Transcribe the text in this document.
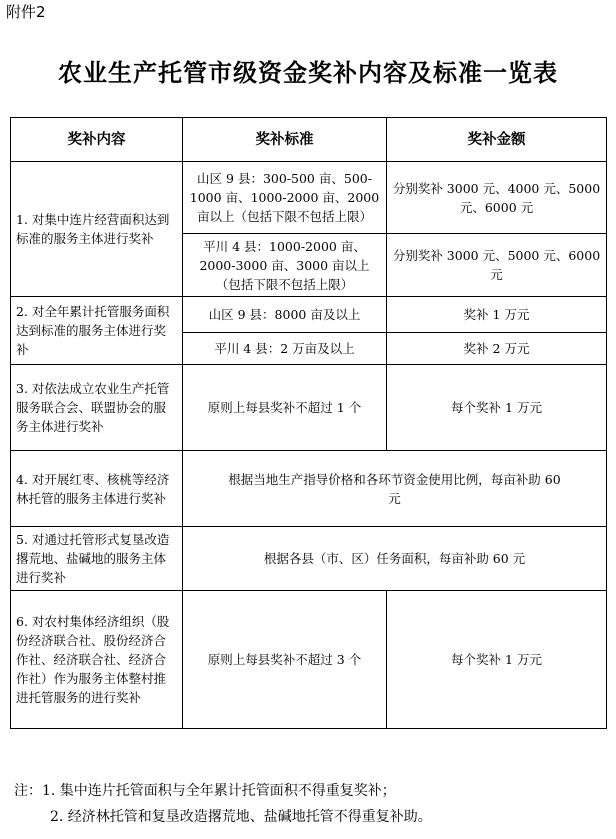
附件2
农业生产托管市级资金奖补内容及标准一览表
奖补内容	奖补标准	奖补金额
1. 对集中连片经营面积达到标准的服务主体进行奖补	山区 9 县：300-500 亩、500-1000 亩、1000-2000 亩、2000 亩以上（包括下限不包括上限）	分别奖补 3000 元、4000 元、5000 元、6000 元
	平川 4 县：1000-2000 亩、2000-3000 亩、3000 亩以上（包括下限不包括上限）	分别奖补 3000 元、5000 元、6000 元
2. 对全年累计托管服务面积达到标准的服务主体进行奖补	山区 9 县：8000 亩及以上	奖补 1 万元
	平川 4 县：2 万亩及以上	奖补 2 万元
3. 对依法成立农业生产托管服务联合会、联盟协会的服务主体进行奖补	原则上每县奖补不超过 1 个	每个奖补 1 万元
4. 对开展红枣、核桃等经济林托管的服务主体进行奖补	根据当地生产指导价格和各环节资金使用比例，每亩补助 60 元	
5. 对通过托管形式复垦改造撂荒地、盐碱地的服务主体进行奖补	根据各县（市、区）任务面积，每亩补助 60 元	
6. 对农村集体经济组织（股份经济联合社、股份经济合作社、经济联合社、经济合作社）作为服务主体整村推进托管服务的进行奖补	原则上每县奖补不超过 3 个	每个奖补 1 万元
注：1. 集中连片托管面积与全年累计托管面积不得重复奖补；
2. 经济林托管和复垦改造撂荒地、盐碱地托管不得重复补助。
